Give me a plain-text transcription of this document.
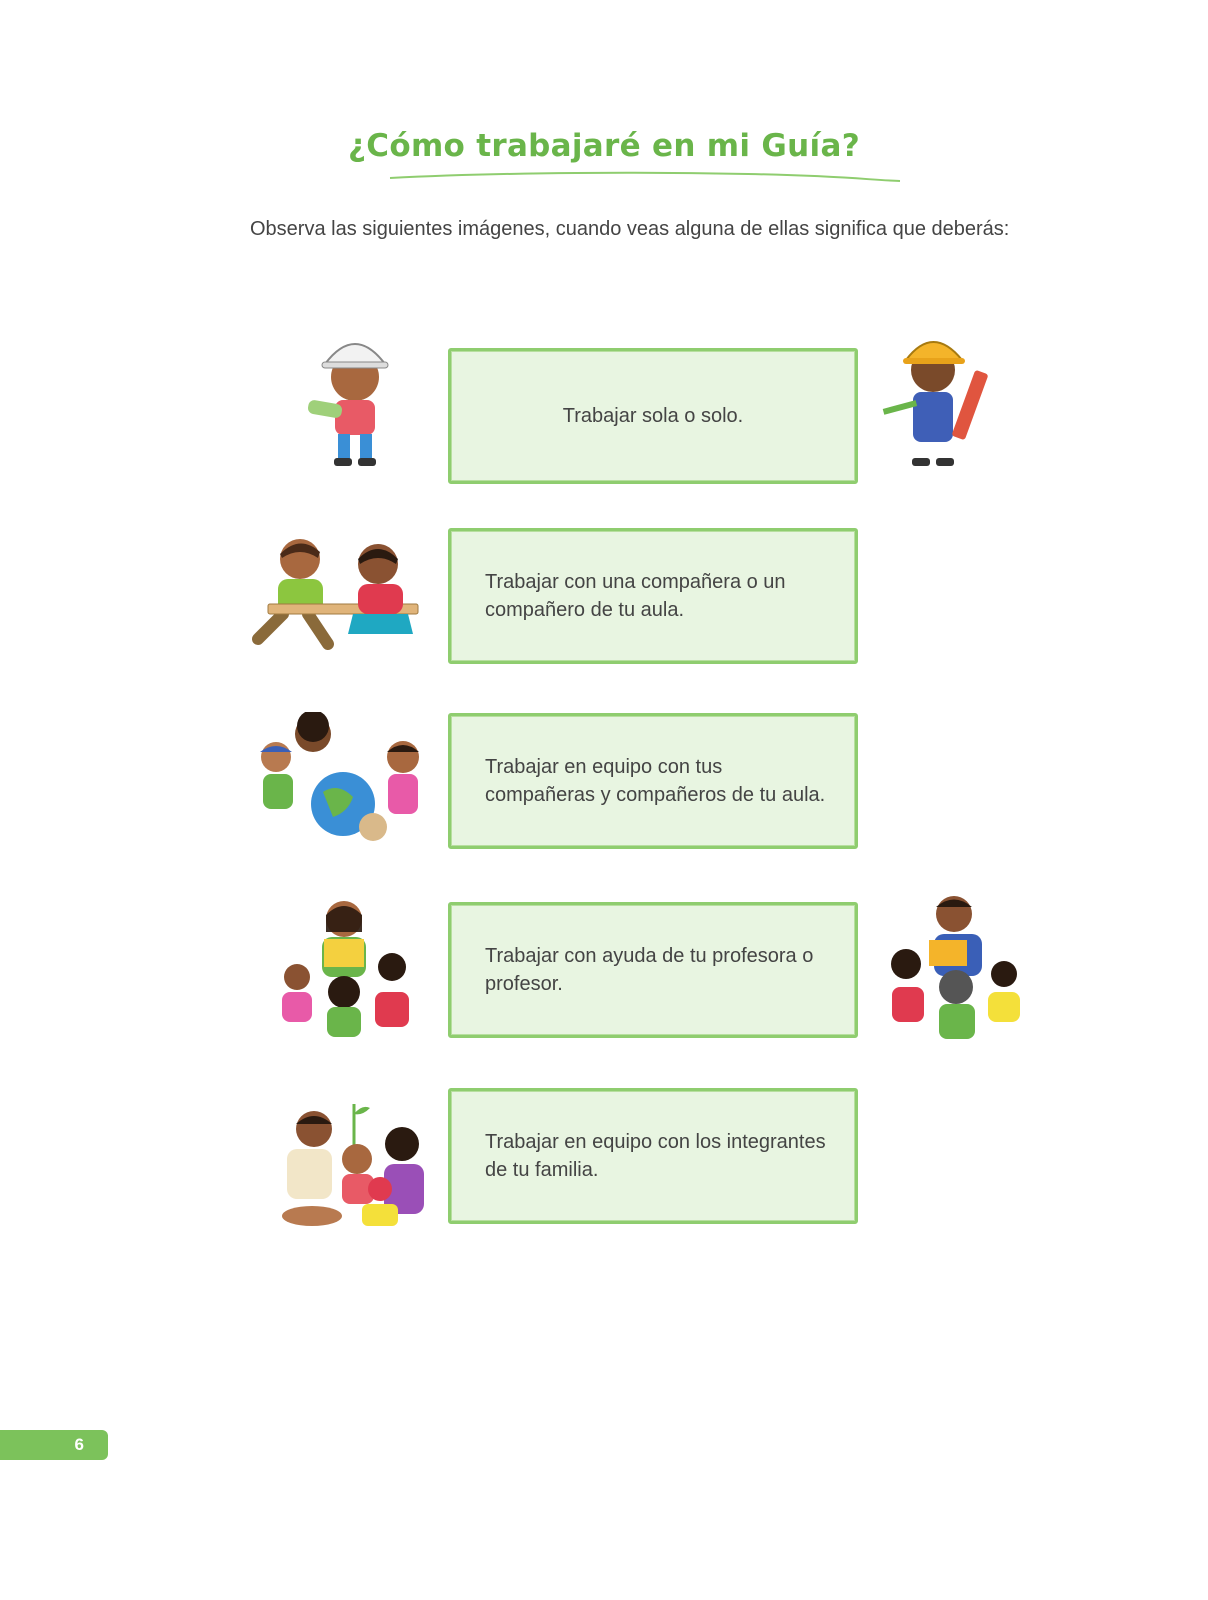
¿Cómo trabajaré en mi Guía?
Observa las siguientes imágenes, cuando veas alguna de ellas significa que deberás:
Trabajar sola o solo.
Trabajar con una compañera o un compañero de tu aula.
Trabajar en equipo con tus compañeras y compañeros de tu aula.
Trabajar con ayuda de tu profesora o profesor.
Trabajar en equipo con los integrantes de tu familia.
6
